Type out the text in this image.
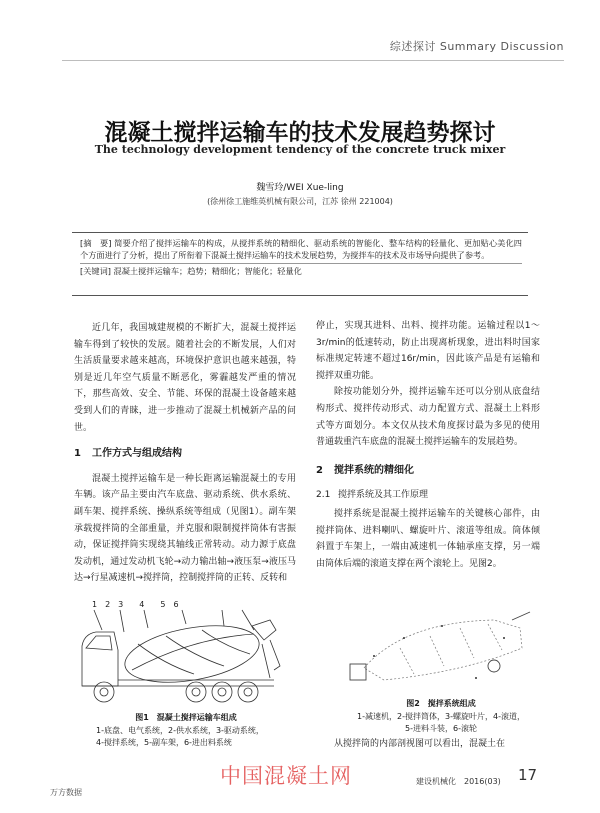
综述探讨 Summary Discussion
混凝土搅拌运输车的技术发展趋势探讨
The technology development tendency of the concrete truck mixer
魏雪玲/WEI Xue-ling
(徐州徐工施维英机械有限公司，江苏 徐州 221004)
[摘　要] 简要介绍了搅拌运输车的构成，从搅拌系统的精细化、驱动系统的智能化、整车结构的轻量化、更加贴心美化四个方面进行了分析，提出了所衔着下混凝土搅拌运输车的技术发展趋势，为搅拌车的技术及市场导向提供了参考。
[关键词] 混凝土搅拌运输车；趋势；精细化；智能化；轻量化

近几年，我国城建规模的不断扩大，混凝土搅拌运输车得到了较快的发展。随着社会的不断发展，人们对生活质量要求越来越高，环境保护意识也越来越强，特别是近几年空气质量不断恶化，雾霾越发严重的情况下，那些高效、安全、节能、环保的混凝土设备越来越受到人们的青睐，进一步推动了混凝土机械新产品的问世。

1 工作方式与组成结构

混凝土搅拌运输车是一种长距离运输混凝土的专用车辆。该产品主要由汽车底盘、驱动系统、供水系统、副车架、搅拌系统、操纵系统等组成（见图1）。副车架承载搅拌筒的全部重量，并克服和限制搅拌筒体有害振动，保证搅拌筒实现绕其轴线正常转动。动力源于底盘发动机，通过发动机飞轮→动力输出轴→液压泵→液压马达→行星减速机→搅拌筒，控制搅拌筒的正转、反转和

停止，实现其进料、出料、搅拌功能。运输过程以1～3r/min的低速转动，防止出现离析现象，进出料时国家标准规定转速不超过16r/min，因此该产品是有运输和搅拌双重功能。

除按功能划分外，搅拌运输车还可以分别从底盘结构形式、搅拌传动形式、动力配置方式、混凝土上料形式等方面划分。本文仅从技术角度探讨最为多见的使用普通载重汽车底盘的混凝土搅拌运输车的发展趋势。

2 搅拌系统的精细化
2.1 搅拌系统及其工作原理

搅拌系统是混凝土搅拌运输车的关键核心部件，由搅拌筒体、进料喇叭、螺旋叶片、滚道等组成。筒体倾斜置于车架上，一端由减速机一体轴承座支撑，另一端由筒体后端的滚道支撑在两个滚轮上。见图2。

1　2　3　　4　　5　6
图1　混凝土搅拌运输车组成
1-底盘、电气系统，2-供水系统，3-驱动系统，
4-搅拌系统，5-副车架，6-进出料系统
图2　搅拌系统组成
1-减速机，2-搅拌筒体，3-螺旋叶片，4-滚道，
5-进料斗装，6-滚轮
从搅拌筒的内部剖视图可以看出，混凝土在
中国混凝土网	建设机械化　2016(03) 17
万方数据
